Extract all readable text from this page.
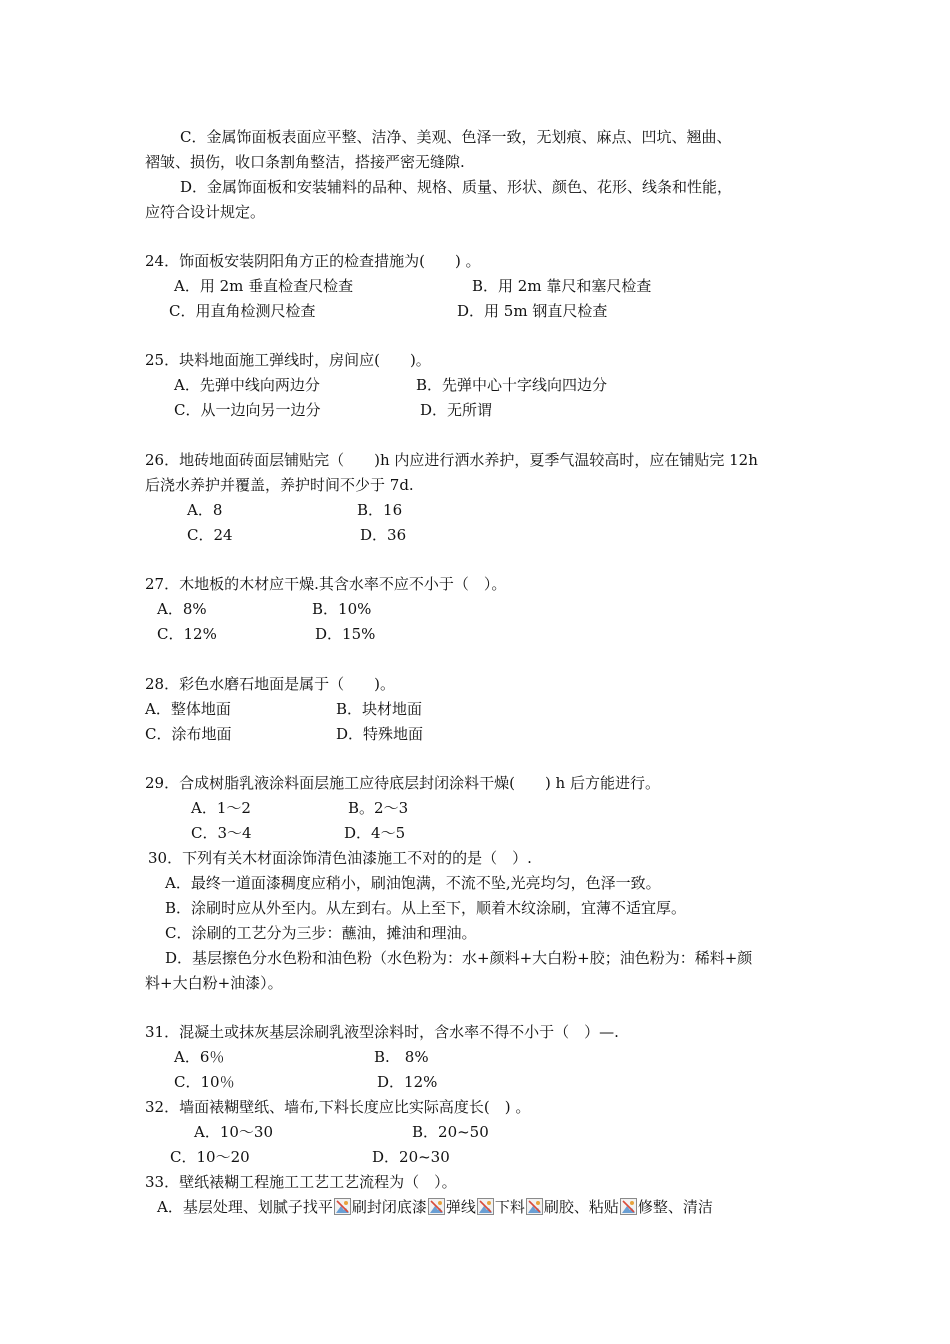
C．金属饰面板表面应平整、洁净、美观、色泽一致，无划痕、麻点、凹坑、翘曲、
褶皱、损伤，收口条割角整洁，搭接严密无缝隙.
D．金属饰面板和安装辅料的品种、规格、质量、形状、颜色、花形、线条和性能，
应符合设计规定。
24．饰面板安装阴阳角方正的检查措施为(　　) 。
A．用 2m 垂直检查尺检查	B．用 2m 靠尺和塞尺检查
C．用直角检测尺检查	D．用 5m 钢直尺检查
25．块料地面施工弹线时，房间应(　　)。
A．先弹中线向两边分	B．先弹中心十字线向四边分
C．从一边向另一边分	D．无所谓
26．地砖地面砖面层铺贴完（　　)h 内应进行洒水养护，夏季气温较高时，应在铺贴完 12h
后浇水养护并覆盖，养护时间不少于 7d.
A．8	B．16
C．24	D．36
27．木地板的木材应干燥.其含水率不应不小于（　）。
A．8%	B．10%
C．12%	D．15%
28．彩色水磨石地面是属于（　　)。
A．整体地面	B．块材地面
C．涂布地面	D．特殊地面
29．合成树脂乳液涂料面层施工应待底层封闭涂料干燥(　　) h 后方能进行。
A．1～2	B。2～3
C．3～4	D．4～5
30．下列有关木材面涂饰清色油漆施工不对的的是（　）.
A．最终一道面漆稠度应稍小，刷油饱满，不流不坠,光亮均匀，色泽一致。
B．涂刷时应从外至内。从左到右。从上至下，顺着木纹涂刷，宜薄不适宜厚。
C．涂刷的工艺分为三步：蘸油，摊油和理油。
D．基层擦色分水色粉和油色粉（水色粉为：水+颜料+大白粉+胶；油色粉为：稀料+颜
料+大白粉+油漆）。
31．混凝土或抹灰基层涂刷乳液型涂料时，含水率不得不小于（　）—.
A．6％	B.　8%
C．10％	D．12%
32．墙面裱糊壁纸、墙布,下料长度应比实际高度长(　) 。
A．10～30	B．20~50
C．10～20	D．20~30
33．壁纸裱糊工程施工工艺工艺流程为（　）。
A．基层处理、划腻子找平 刷封闭底漆 弹线 下料 刷胶、粘贴 修整、清洁
